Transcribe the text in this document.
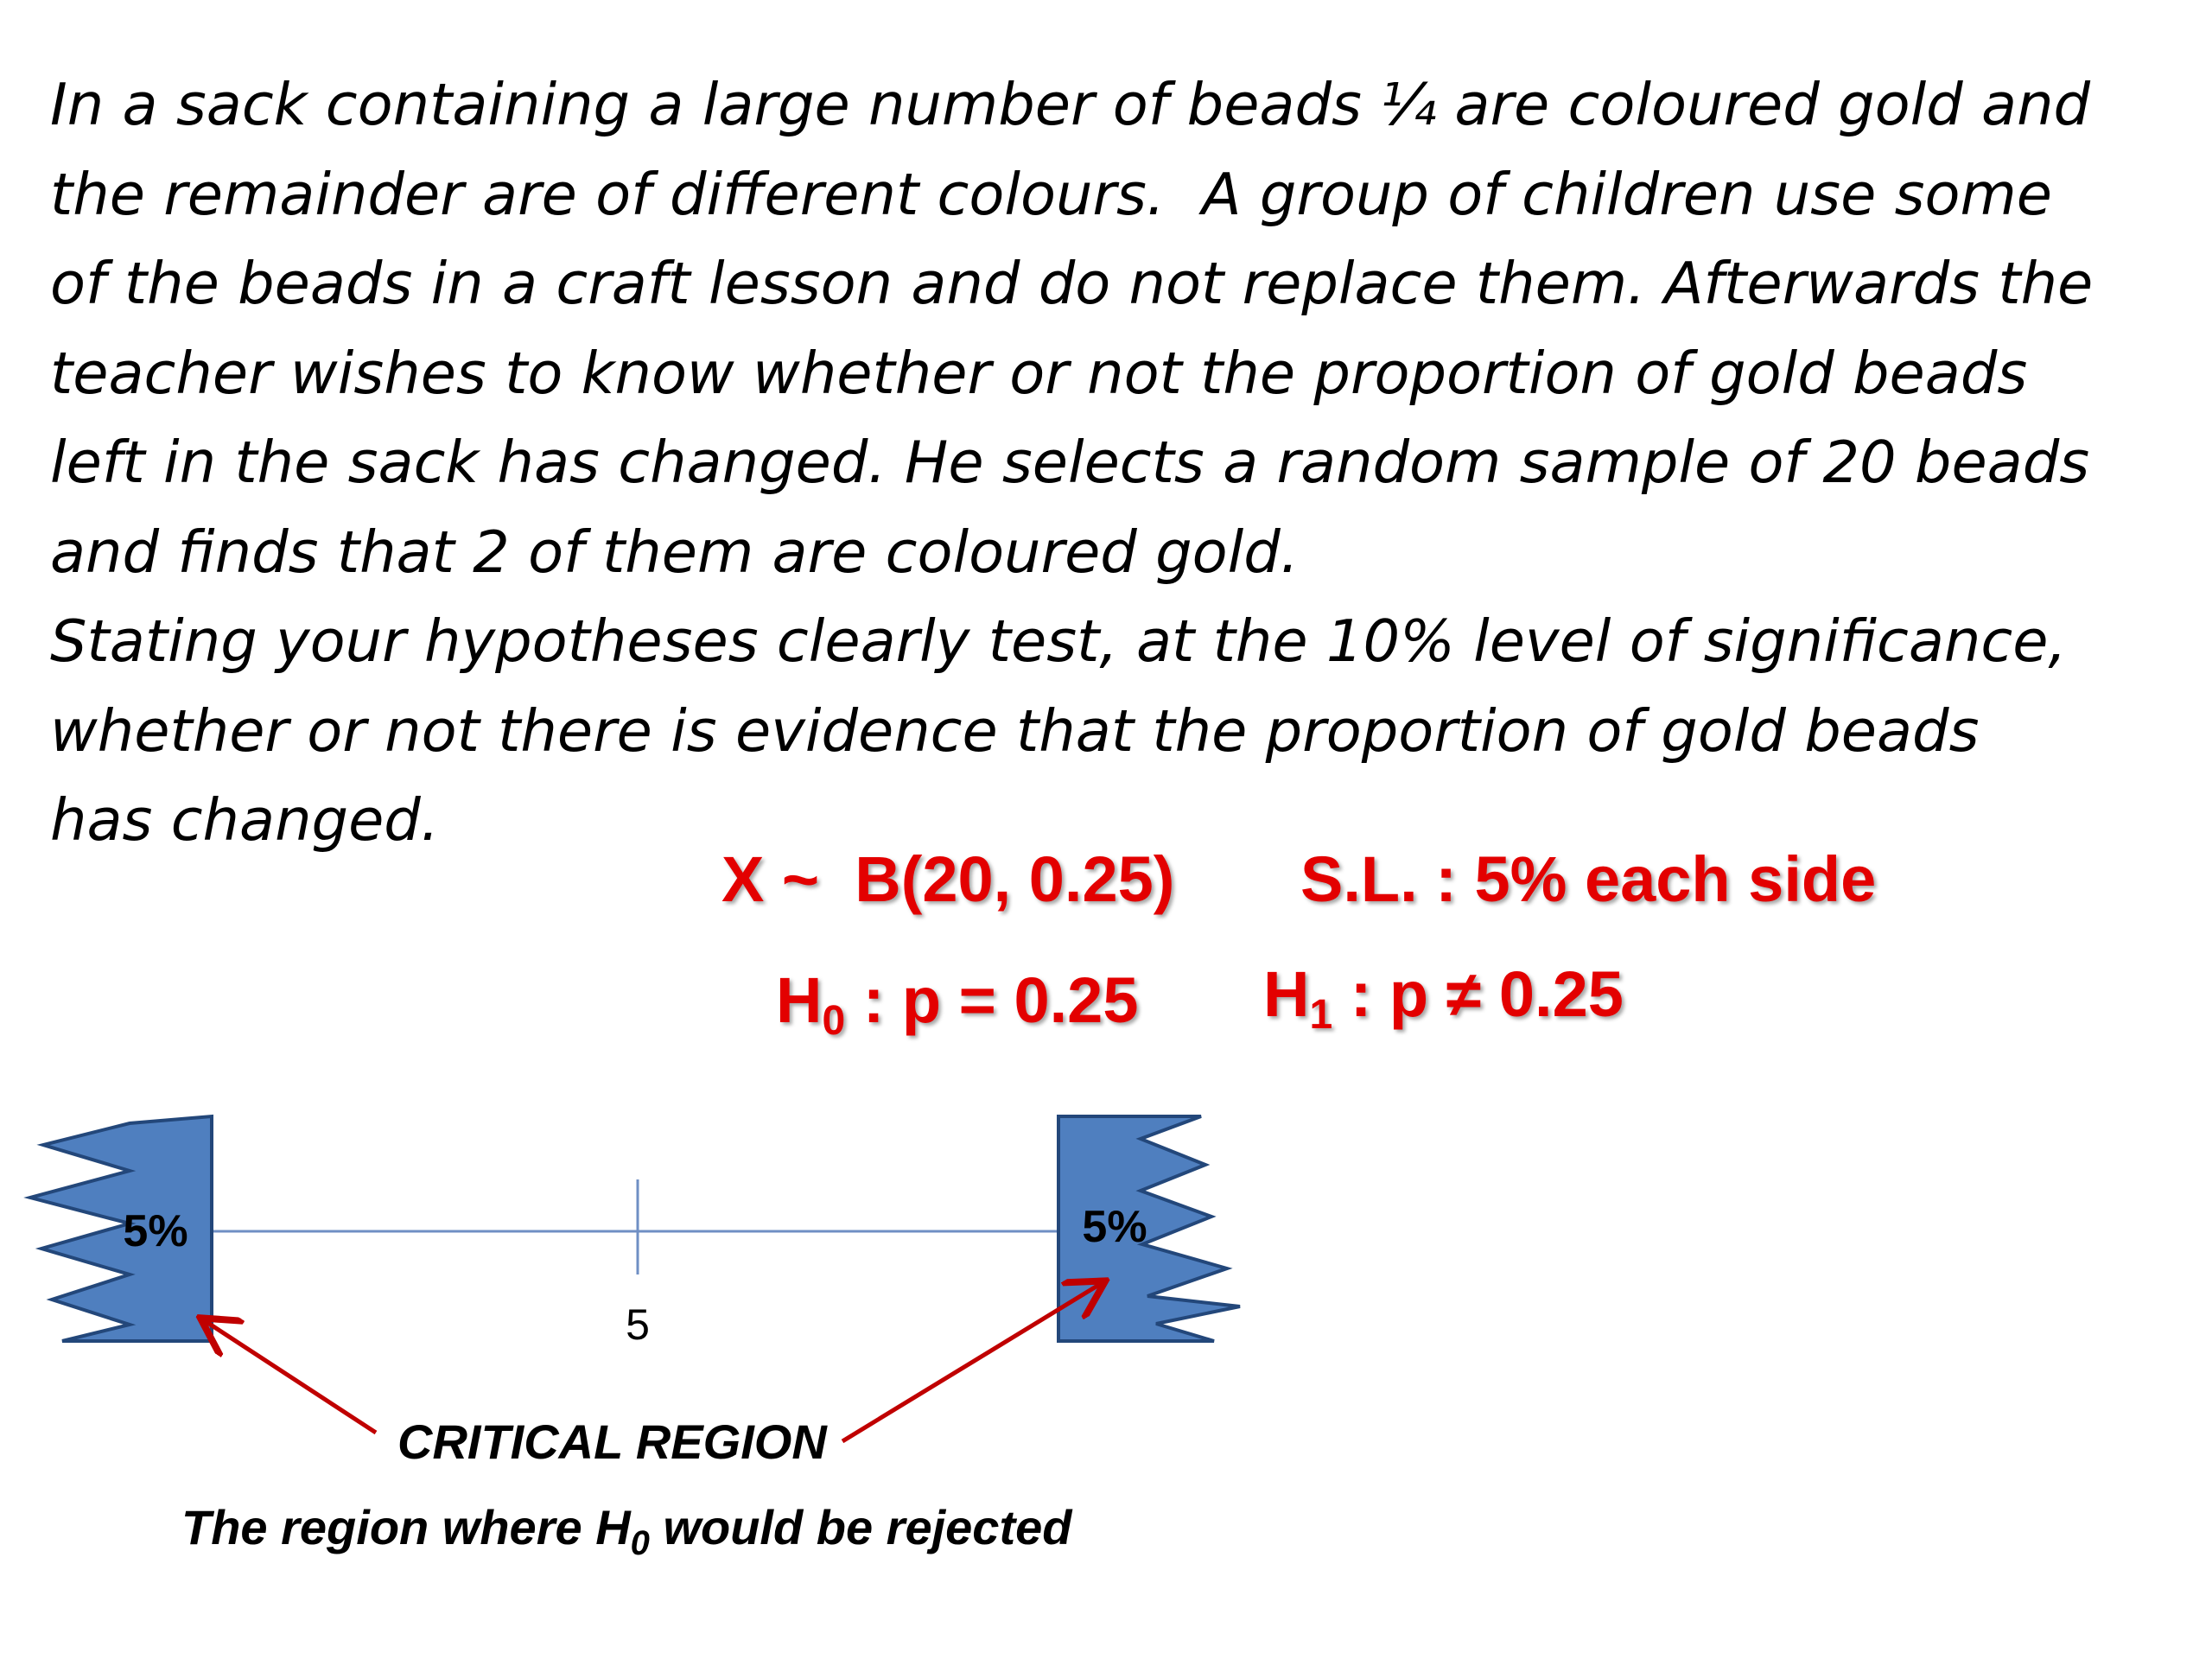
In a sack containing a large number of beads ¼ are coloured gold and
the remainder are of different colours.  A group of children use some
of the beads in a craft lesson and do not replace them. Afterwards the
teacher wishes to know whether or not the proportion of gold beads
left in the sack has changed. He selects a random sample of 20 beads
and finds that 2 of them are coloured gold.
Stating your hypotheses clearly test, at the 10% level of significance,
whether or not there is evidence that the proportion of gold beads
has changed.
X ~  B(20, 0.25) S.L. : 5% each side
$H_0$ : p = 0.25 $H_1$ : p ≠ 0.25
5%	5%
5
CRITICAL REGION
The region where $H_0$ would be rejected
